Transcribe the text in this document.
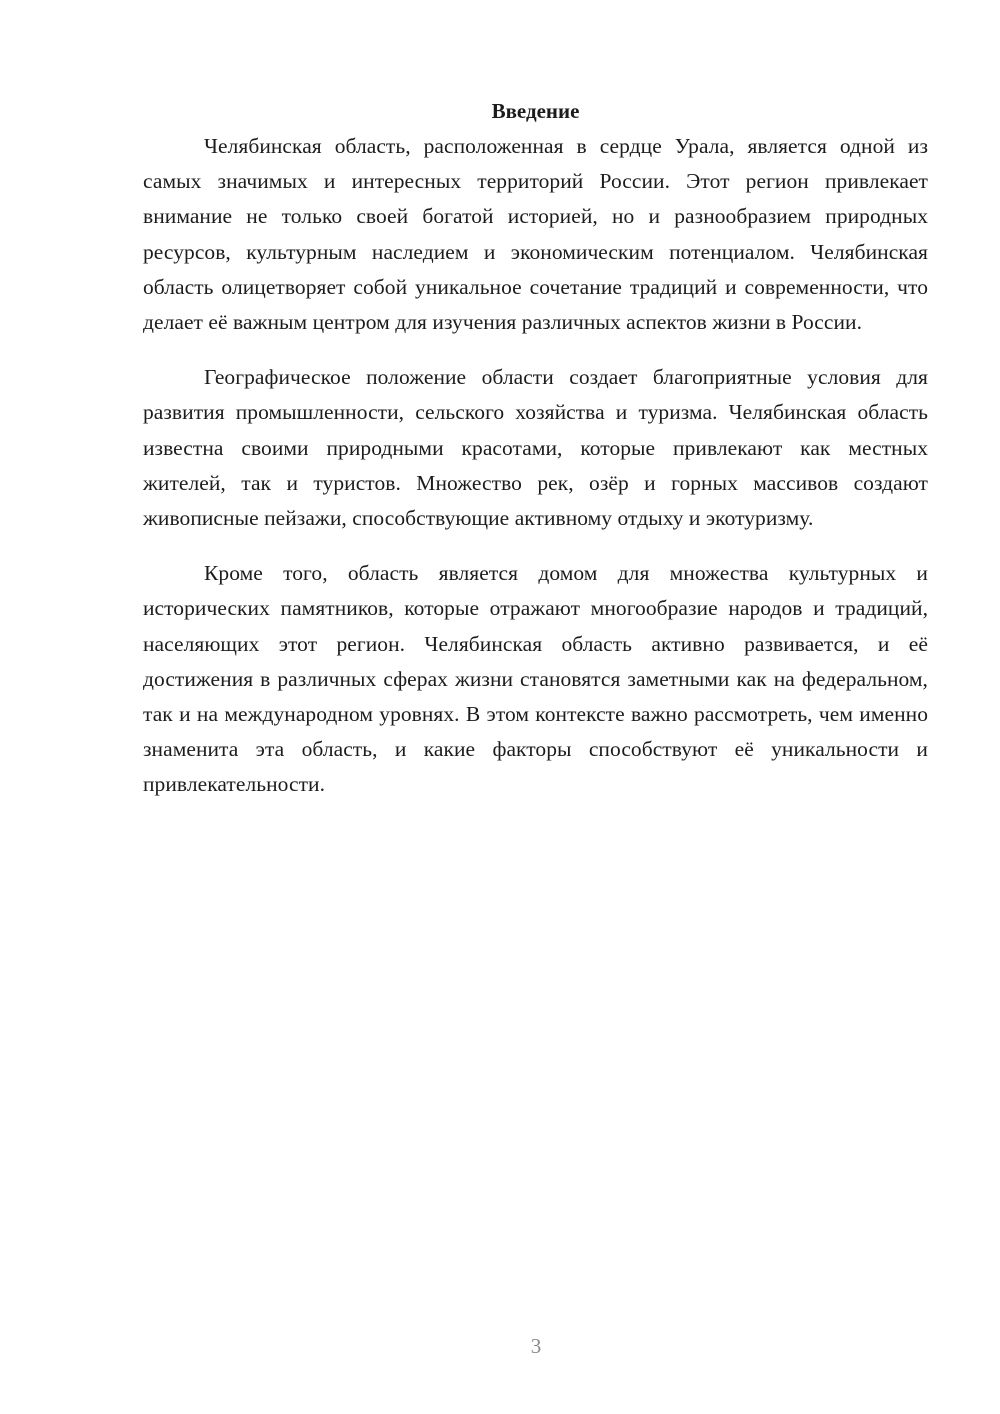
Введение

Челябинская область, расположенная в сердце Урала, является одной из самых значимых и интересных территорий России. Этот регион привлекает внимание не только своей богатой историей, но и разнообразием природных ресурсов, культурным наследием и экономическим потенциалом. Челябинская область олицетворяет собой уникальное сочетание традиций и современности, что делает её важным центром для изучения различных аспектов жизни в России.

Географическое положение области создает благоприятные условия для развития промышленности, сельского хозяйства и туризма. Челябинская область известна своими природными красотами, которые привлекают как местных жителей, так и туристов. Множество рек, озёр и горных массивов создают живописные пейзажи, способствующие активному отдыху и экотуризму.

Кроме того, область является домом для множества культурных и исторических памятников, которые отражают многообразие народов и традиций, населяющих этот регион. Челябинская область активно развивается, и её достижения в различных сферах жизни становятся заметными как на федеральном, так и на международном уровнях. В этом контексте важно рассмотреть, чем именно знаменита эта область, и какие факторы способствуют её уникальности и привлекательности.

3
